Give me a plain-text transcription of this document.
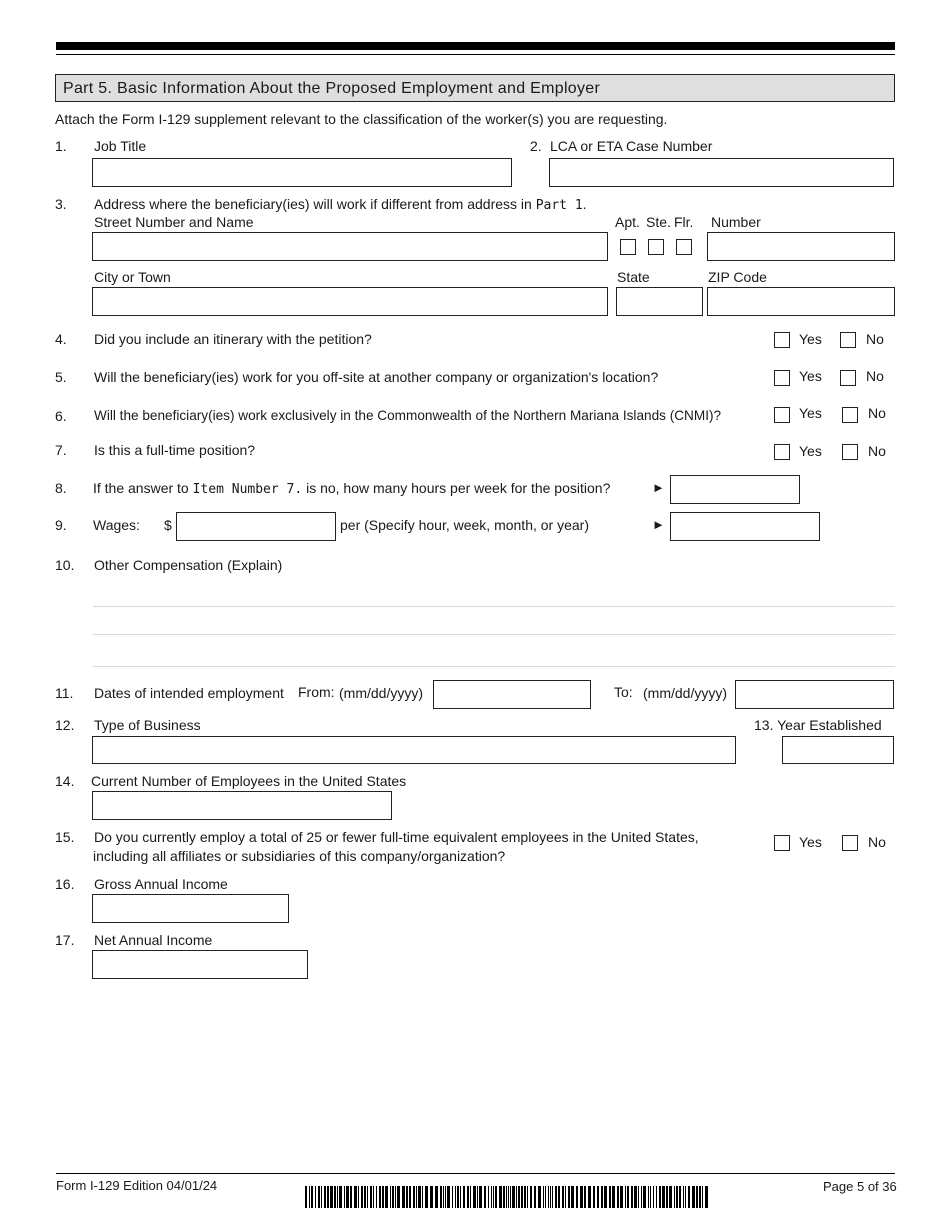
Part 5. Basic Information About the Proposed Employment and Employer
Attach the Form I-129 supplement relevant to the classification of the worker(s) you are requesting.
1. Job Title	2. LCA or ETA Case Number
3. Address where the beneficiary(ies) will work if different from address in Part 1.
Street Number and Name	Apt. Ste. Flr. Number
City or Town	State	ZIP Code
4. Did you include an itinerary with the petition?	Yes	No
5. Will the beneficiary(ies) work for you off-site at another company or organization's location?	Yes	No
6. Will the beneficiary(ies) work exclusively in the Commonwealth of the Northern Mariana Islands (CNMI)?	Yes	No
7. Is this a full-time position?	Yes	No
8. If the answer to Item Number 7. is no, how many hours per week for the position?	►
9. Wages: $	per (Specify hour, week, month, or year)	►
10. Other Compensation (Explain)
11. Dates of intended employment From: (mm/dd/yyyy)	To: (mm/dd/yyyy)
12. Type of Business	13. Year Established
14. Current Number of Employees in the United States
15. Do you currently employ a total of 25 or fewer full-time equivalent employees in the United States,
including all affiliates or subsidiaries of this company/organization?
Yes	No
16. Gross Annual Income
17. Net Annual Income
Form I-129 Edition 04/01/24	Page 5 of 36
